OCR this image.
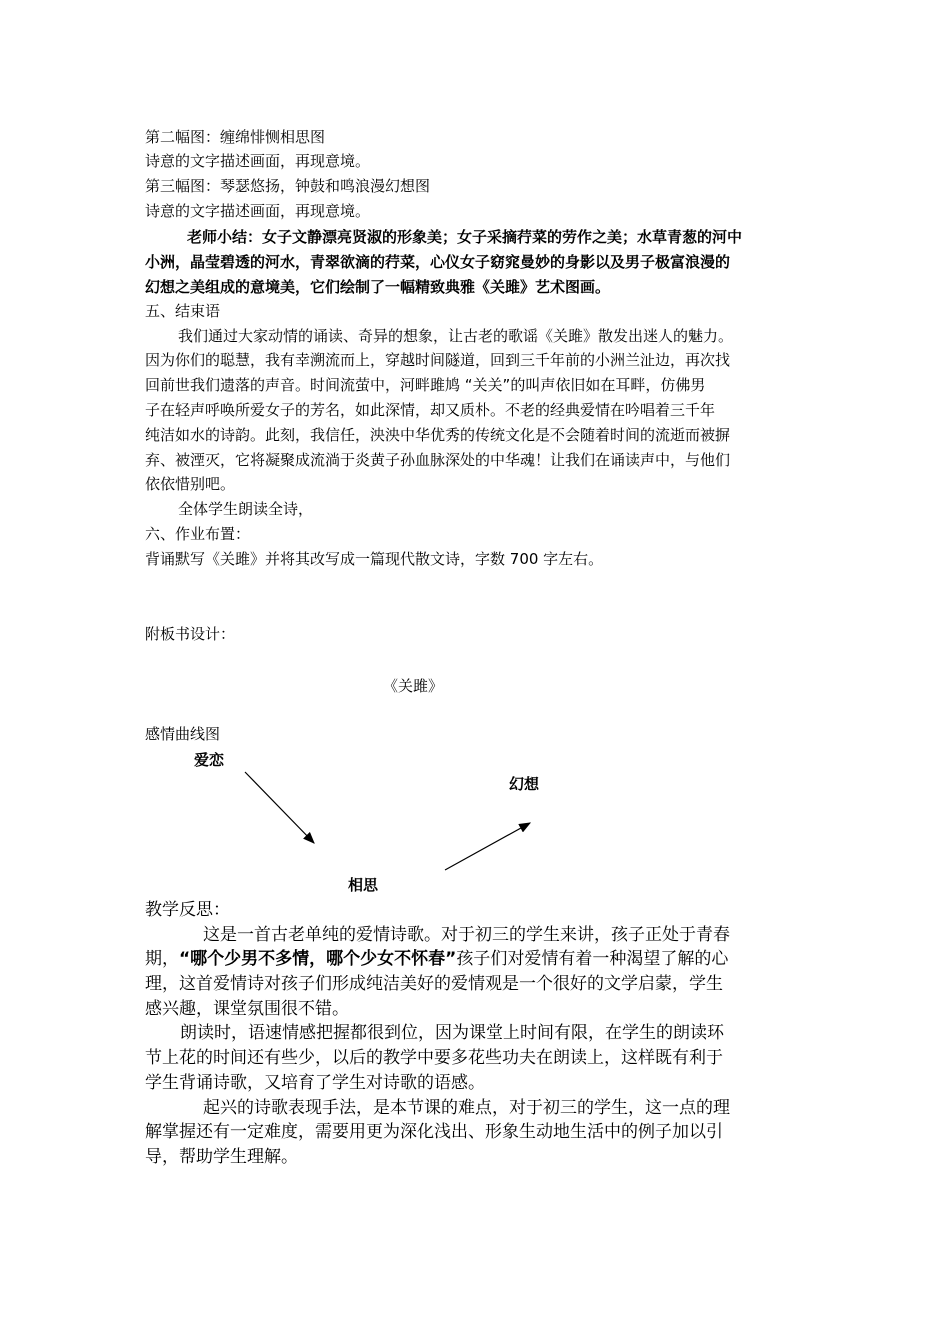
第二幅图：缠绵悱恻相思图
诗意的文字描述画面，再现意境。
第三幅图：琴瑟悠扬，钟鼓和鸣浪漫幻想图
诗意的文字描述画面，再现意境。
老师小结：女子文静漂亮贤淑的形象美；女子采摘荇菜的劳作之美；水草青葱的河中
小洲，晶莹碧透的河水，青翠欲滴的荇菜，心仪女子窈窕曼妙的身影以及男子极富浪漫的
幻想之美组成的意境美，它们绘制了一幅精致典雅《关雎》艺术图画。
五、结束语
我们通过大家动情的诵读、奇异的想象，让古老的歌谣《关雎》散发出迷人的魅力。
因为你们的聪慧，我有幸溯流而上，穿越时间隧道，回到三千年前的小洲兰沚边，再次找
回前世我们遗落的声音。时间流萤中，河畔雎鸠 “关关”的叫声依旧如在耳畔，仿佛男
子在轻声呼唤所爱女子的芳名，如此深情，却又质朴。不老的经典爱情在吟唱着三千年
纯洁如水的诗韵。此刻，我信任，泱泱中华优秀的传统文化是不会随着时间的流逝而被摒
弃、被湮灭，它将凝聚成流淌于炎黄子孙血脉深处的中华魂！让我们在诵读声中，与他们
依依惜别吧。
全体学生朗读全诗，
六、作业布置：
背诵默写《关雎》并将其改写成一篇现代散文诗，字数 700 字左右。
附板书设计：
《关雎》
感情曲线图
爱恋
幻想
相思
教学反思：
这是一首古老单纯的爱情诗歌。对于初三的学生来讲，孩子正处于青春
期，“哪个少男不多情，哪个少女不怀春”孩子们对爱情有着一种渴望了解的心
理，这首爱情诗对孩子们形成纯洁美好的爱情观是一个很好的文学启蒙，学生
感兴趣，课堂氛围很不错。
朗读时，语速情感把握都很到位，因为课堂上时间有限，在学生的朗读环
节上花的时间还有些少，以后的教学中要多花些功夫在朗读上，这样既有利于
学生背诵诗歌，又培育了学生对诗歌的语感。
起兴的诗歌表现手法，是本节课的难点，对于初三的学生，这一点的理
解掌握还有一定难度，需要用更为深化浅出、形象生动地生活中的例子加以引
导，帮助学生理解。
